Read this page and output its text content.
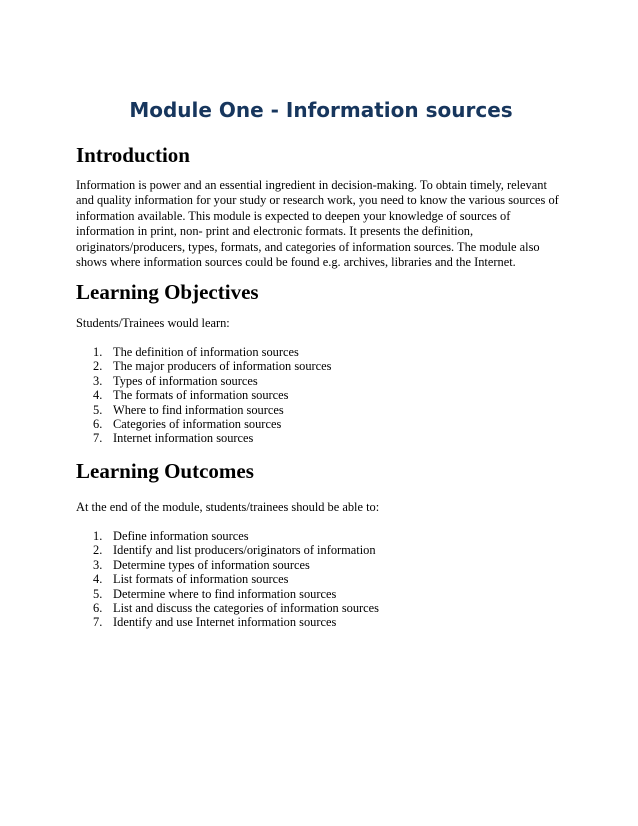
Module One - Information sources
Introduction

Information is power and an essential ingredient in decision-making. To obtain timely, relevant
and quality information for your study or research work, you need to know the various sources of
information available. This module is expected to deepen your knowledge of sources of
information in print, non- print and electronic formats. It presents the definition,
originators/producers, types, formats, and categories of information sources. The module also
shows where information sources could be found e.g. archives, libraries and the Internet.

Learning Objectives

Students/Trainees would learn:

1. The definition of information sources
2. The major producers of information sources
3. Types of information sources
4. The formats of information sources
5. Where to find information sources
6. Categories of information sources
7. Internet information sources
Learning Outcomes

At the end of the module, students/trainees should be able to:

1. Define information sources
2. Identify and list producers/originators of information
3. Determine types of information sources
4. List formats of information sources
5. Determine where to find information sources
6. List and discuss the categories of information sources
7. Identify and use Internet information sources
